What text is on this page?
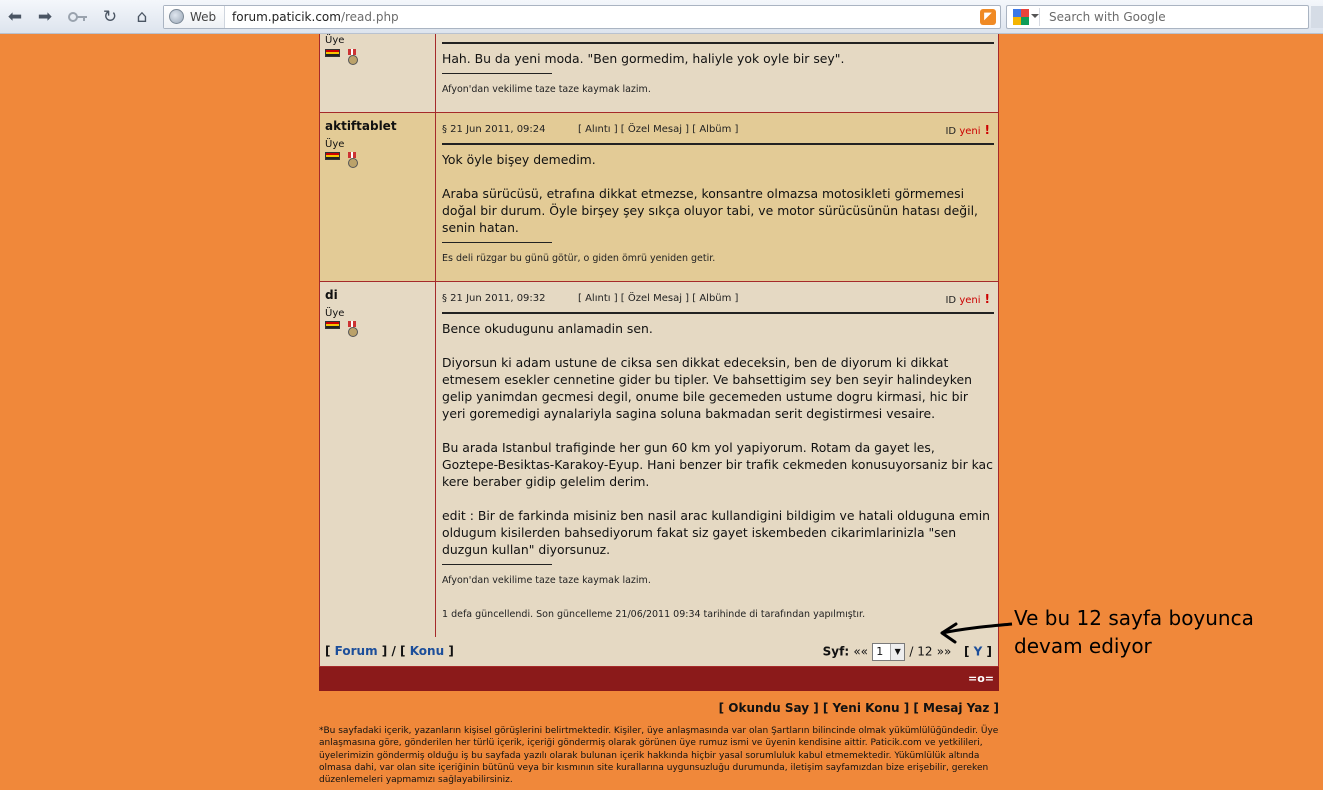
⬅ ➡	↻	⌂	Web	forum.paticik.com/read.php	◤	Search with Google
Üye

Hah. Bu da yeni moda. "Ben gormedim, haliyle yok oyle bir sey".

Afyon'dan vekilime taze taze kaymak lazim.
aktiftablet
Üye
§ 21 Jun 2011, 09:24	[ Alıntı ] [ Özel Mesaj ] [ Albüm ]	ID yeni !

Yok öyle bişey demedim.

Araba sürücüsü, etrafına dikkat etmezse, konsantre olmazsa motosikleti görmemesi doğal bir durum. Öyle birşey şey sıkça oluyor tabi, ve motor sürücüsünün hatası değil, senin hatan.

Es deli rüzgar bu günü götür, o giden ömrü yeniden getir.
di
Üye
§ 21 Jun 2011, 09:32	[ Alıntı ] [ Özel Mesaj ] [ Albüm ]	ID yeni !

Bence okudugunu anlamadin sen.

Diyorsun ki adam ustune de ciksa sen dikkat edeceksin, ben de diyorum ki dikkat etmesem esekler cennetine gider bu tipler. Ve bahsettigim sey ben seyir halindeyken gelip yanimdan gecmesi degil, onume bile gecemeden ustume dogru kirmasi, hic bir yeri goremedigi aynalariyla sagina soluna bakmadan serit degistirmesi vesaire.

Bu arada Istanbul trafiginde her gun 60 km yol yapiyorum. Rotam da gayet les, Goztepe-Besiktas-Karakoy-Eyup. Hani benzer bir trafik cekmeden konusuyorsaniz bir kac kere beraber gidip gelelim derim.

edit : Bir de farkinda misiniz ben nasil arac kullandigini bildigim ve hatali olduguna emin oldugum kisilerden bahsediyorum fakat siz gayet iskembeden cikarimlarinizla "sen duzgun kullan" diyorsunuz.

Afyon'dan vekilime taze taze kaymak lazim.
1 defa güncellendi. Son güncelleme 21/06/2011 09:34 tarihinde di tarafından yapılmıştır.
[ Forum ] / [ Konu ]	Syf: «« 1	▼ / 12 »» [ Y ]
=o=
[ Okundu Say ] [ Yeni Konu ] [ Mesaj Yaz ]
*Bu sayfadaki içerik, yazanların kişisel görüşlerini belirtmektedir. Kişiler, üye anlaşmasında var olan Şartların bilincinde olmak yükümlülüğündedir. Üye anlaşmasına göre, gönderilen her türlü içerik, içeriği göndermiş olarak görünen üye rumuz ismi ve üyenin kendisine aittir. Paticik.com ve yetkilileri, üyelerimizin göndermiş olduğu iş bu sayfada yazılı olarak bulunan içerik hakkında hiçbir yasal sorumluluk kabul etmemektedir. Yükümlülük altında olmasa dahi, var olan site içeriğinin bütünü veya bir kısmının site kurallarına uygunsuzluğu durumunda, iletişim sayfamızdan bize erişebilir, gereken düzenlemeleri yapmamızı sağlayabilirsiniz.
Ve bu 12 sayfa boyunca
devam ediyor
